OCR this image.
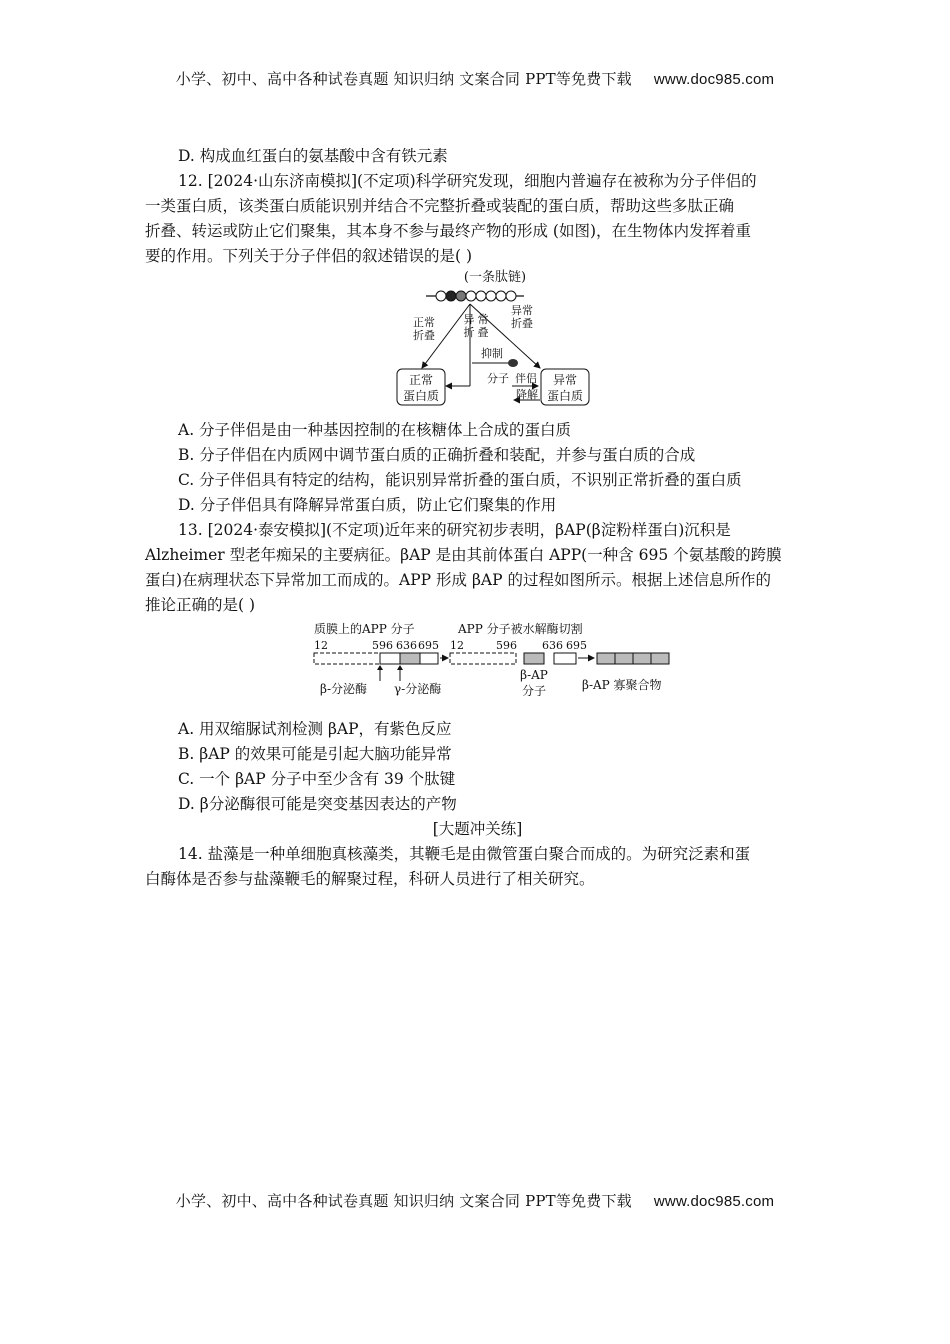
小学、初中、高中各种试卷真题 知识归纳 文案合同 PPT等免费下载 www.doc985.com
小学、初中、高中各种试卷真题 知识归纳 文案合同 PPT等免费下载 www.doc985.com
D. 构成血红蛋白的氨基酸中含有铁元素
12. [2024·山东济南模拟](不定项)科学研究发现，细胞内普遍存在被称为分子伴侣的
一类蛋白质，该类蛋白质能识别并结合不完整折叠或装配的蛋白质，帮助这些多肽正确
折叠、转运或防止它们聚集，其本身不参与最终产物的形成 (如图)，在生物体内发挥着重
要的作用。下列关于分子伴侣的叙述错误的是( )
(一条肽链)
正常
折叠
异
折
常
叠
异常
折叠
抑制
正常
蛋白质
分子 伴侣
降解
异常
蛋白质
A. 分子伴侣是由一种基因控制的在核糖体上合成的蛋白质
B. 分子伴侣在内质网中调节蛋白质的正确折叠和装配，并参与蛋白质的合成
C. 分子伴侣具有特定的结构，能识别异常折叠的蛋白质，不识别正常折叠的蛋白质
D. 分子伴侣具有降解异常蛋白质，防止它们聚集的作用
13. [2024·泰安模拟](不定项)近年来的研究初步表明，βAP(β淀粉样蛋白)沉积是
Alzheimer 型老年痴呆的主要病征。βAP 是由其前体蛋白 APP(一种含 695 个氨基酸的跨膜
蛋白)在病理状态下异常加工而成的。APP 形成 βAP 的过程如图所示。根据上述信息所作的
推论正确的是( )
质膜上的APP 分子	APP 分子被水解酶切割
12	596 636 695
β-分泌酶 γ-分泌酶
12	596 636 695
β-AP
分子	β-AP 寡聚合物
A. 用双缩脲试剂检测 βAP，有紫色反应
B. βAP 的效果可能是引起大脑功能异常
C. 一个 βAP 分子中至少含有 39 个肽键
D. β分泌酶很可能是突变基因表达的产物
[大题冲关练]
14. 盐藻是一种单细胞真核藻类，其鞭毛是由微管蛋白聚合而成的。为研究泛素和蛋
白酶体是否参与盐藻鞭毛的解聚过程，科研人员进行了相关研究。
